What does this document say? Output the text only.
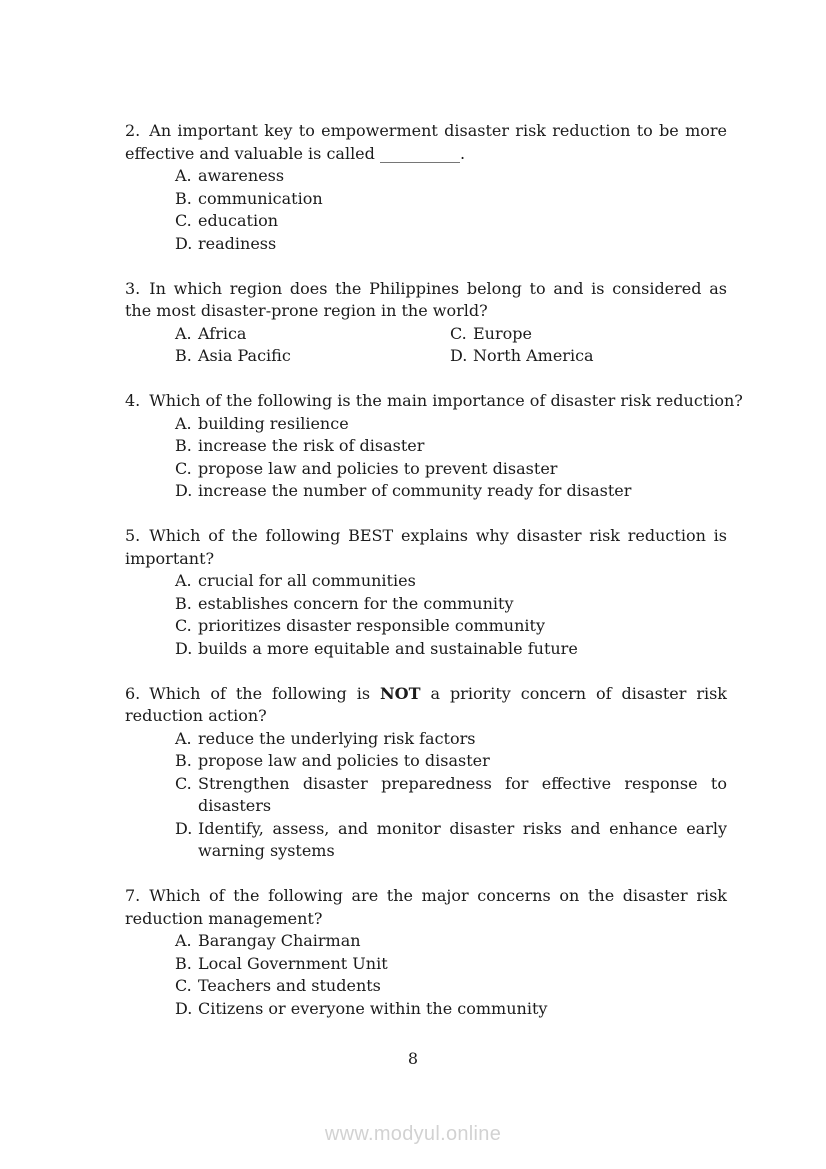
2. An important key to empowerment disaster risk reduction to be more effective and valuable is called __________.

A. awareness
B. communication
C. education
D. readiness

3. In which region does the Philippines belong to and is considered as the most disaster-prone region in the world?

A. Africa	C. Europe
B. Asia Pacific	D. North America

4. Which of the following is the main importance of disaster risk reduction?

A. building resilience
B. increase the risk of disaster
C. propose law and policies to prevent disaster
D. increase the number of community ready for disaster

5. Which of the following BEST explains why disaster risk reduction is important?

A. crucial for all communities
B. establishes concern for the community
C. prioritizes disaster responsible community
D. builds a more equitable and sustainable future

6. Which of the following is NOT a priority concern of disaster risk reduction action?

A. reduce the underlying risk factors
B. propose law and policies to disaster
C. Strengthen disaster preparedness for effective response to disasters
D. Identify, assess, and monitor disaster risks and enhance early warning systems

7. Which of the following are the major concerns on the disaster risk reduction management?

A. Barangay Chairman
B. Local Government Unit
C. Teachers and students
D. Citizens or everyone within the community
8
www.modyul.online
